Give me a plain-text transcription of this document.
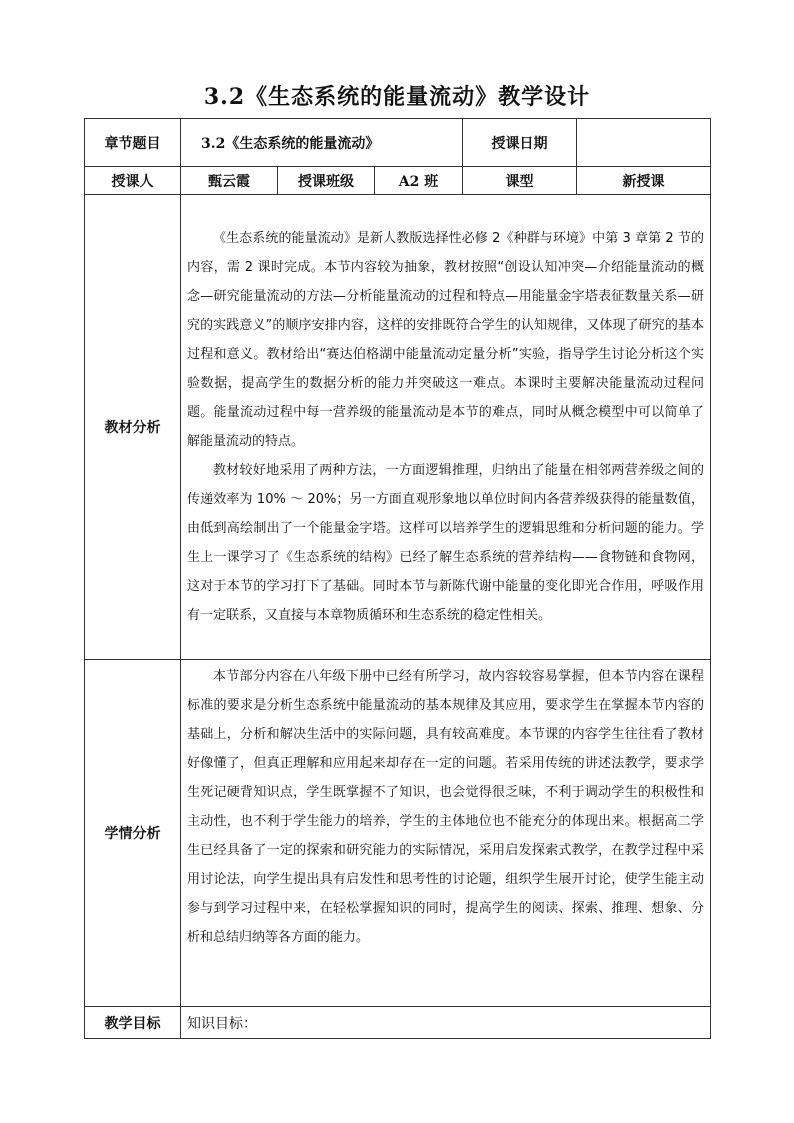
3.2《生态系统的能量流动》教学设计
章节题目	3.2《生态系统的能量流动》			授课日期	
授课人	甄云霞	授课班级	A2 班	课型	新授课
教材分析	《生态系统的能量流动》是新人教版选择性必修 2《种群与环境》中第 3 章第 2 节的内容，需 2 课时完成。本节内容较为抽象，教材按照“创设认知冲突—介绍能量流动的概念—研究能量流动的方法—分析能量流动的过程和特点—用能量金字塔表征数量关系—研究的实践意义”的顺序安排内容，这样的安排既符合学生的认知规律，又体现了研究的基本过程和意义。教材给出“赛达伯格湖中能量流动定量分析”实验，指导学生讨论分析这个实验数据，提高学生的数据分析的能力并突破这一难点。本课时主要解决能量流动过程问题。能量流动过程中每一营养级的能量流动是本节的难点，同时从概念模型中可以简单了解能量流动的特点。

教材较好地采用了两种方法，一方面逻辑推理，归纳出了能量在相邻两营养级之间的传递效率为 10% ～ 20%；另一方面直观形象地以单位时间内各营养级获得的能量数值，由低到高绘制出了一个能量金字塔。这样可以培养学生的逻辑思维和分析问题的能力。学生上一课学习了《生态系统的结构》已经了解生态系统的营养结构——食物链和食物网，这对于本节的学习打下了基础。同时本节与新陈代谢中能量的变化即光合作用，呼吸作用有一定联系，又直接与本章物质循环和生态系统的稳定性相关。				

学情分析	本节部分内容在八年级下册中已经有所学习，故内容较容易掌握，但本节内容在课程标准的要求是分析生态系统中能量流动的基本规律及其应用，要求学生在掌握本节内容的基础上，分析和解决生活中的实际问题，具有较高难度。本节课的内容学生往往看了教材好像懂了，但真正理解和应用起来却存在一定的问题。若采用传统的讲述法教学，要求学生死记硬背知识点，学生既掌握不了知识，也会觉得很乏味，不利于调动学生的积极性和主动性，也不利于学生能力的培养，学生的主体地位也不能充分的体现出来。根据高二学生已经具备了一定的探索和研究能力的实际情况，采用启发探索式教学，在教学过程中采用讨论法，向学生提出具有启发性和思考性的讨论题，组织学生展开讨论，使学生能主动参与到学习过程中来，在轻松掌握知识的同时，提高学生的阅读、探索、推理、想象、分析和总结归纳等各方面的能力。				

教学目标	知识目标：				
